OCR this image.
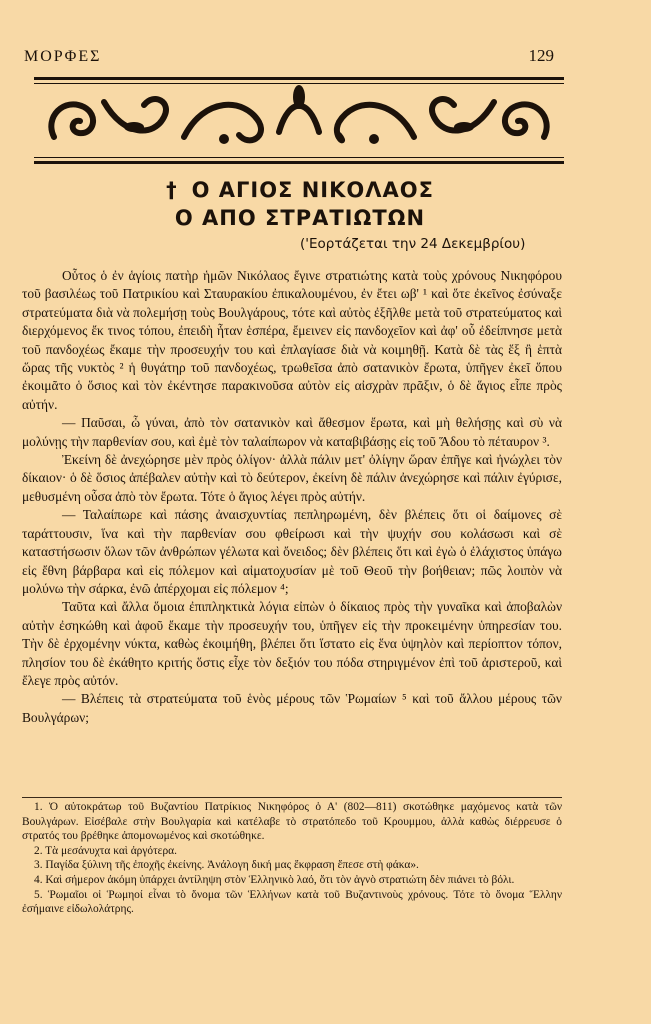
ΜΟΡΦΕΣ	129

† Ο ΑΓΙΟΣ ΝΙΚΟΛΑΟΣ

Ο ΑΠΟ ΣΤΡΑΤΙΩΤΩΝ

('Εορτάζεται την 24 Δεκεμβρίου)

Οὗτος ὁ ἐν ἁγίοις πατὴρ ἡμῶν Νικόλαος ἔγινε στρατιώτης κατὰ τοὺς χρόνους Νικηφόρου τοῦ βασιλέως τοῦ Πατρικίου καὶ Σταυρακίου ἐπικαλουμένου, ἐν ἔτει ωβ' ¹ καὶ ὅτε ἐκεῖνος ἐσύναξε στρατεύματα διὰ νὰ πολεμήσῃ τοὺς Βουλγάρους, τότε καὶ αὐτὸς ἐξῆλθε μετὰ τοῦ στρατεύματος καὶ διερχόμενος ἔκ τινος τόπου, ἐπειδὴ ἦταν ἑσπέρα, ἔμεινεν εἰς πανδοχεῖον καὶ ἀφ' οὗ ἐδείπνησε μετὰ τοῦ πανδοχέως ἔκαμε τὴν προσευχήν του καὶ ἐπλαγίασε διὰ νὰ κοιμηθῇ. Κατὰ δὲ τὰς ἕξ ἢ ἑπτὰ ὥρας τῆς νυκτὸς ² ἡ θυγάτηρ τοῦ πανδοχέως, τρωθεῖσα ἀπὸ σατανικὸν ἔρωτα, ὑπῆγεν ἐκεῖ ὅπου ἐκοιμᾶτο ὁ ὅσιος καὶ τὸν ἐκέντησε παρακινοῦσα αὐτὸν εἰς αἰσχρὰν πρᾶξιν, ὁ δὲ ἅγιος εἶπε πρὸς αὐτήν.

— Παῦσαι, ὦ γύναι, ἀπὸ τὸν σατανικὸν καὶ ἄθεσμον ἔρωτα, καὶ μὴ θελήσῃς καὶ σὺ νὰ μολύνῃς τὴν παρθενίαν σου, καὶ ἐμὲ τὸν ταλαίπωρον νὰ καταβιβάσῃς εἰς τοῦ Ἅδου τὸ πέταυρον ³.

Ἐκείνη δὲ ἀνεχώρησε μὲν πρὸς ὀλίγον· ἀλλὰ πάλιν μετ' ὀλίγην ὥραν ἐπῆγε καὶ ἠνώχλει τὸν δίκαιον· ὁ δὲ ὅσιος ἀπέβαλεν αὐτὴν καὶ τὸ δεύτερον, ἐκείνη δὲ πάλιν ἀνεχώρησε καὶ πάλιν ἐγύρισε, μεθυσμένη οὖσα ἀπὸ τὸν ἔρωτα. Τότε ὁ ἅγιος λέγει πρὸς αὐτήν.

— Ταλαίπωρε καὶ πάσης ἀναισχυντίας πεπληρωμένη, δὲν βλέπεις ὅτι οἱ δαίμονες σὲ ταράττουσιν, ἵνα καὶ τὴν παρθενίαν σου φθείρωσι καὶ τὴν ψυχήν σου κολάσωσι καὶ σὲ καταστήσωσιν ὅλων τῶν ἀνθρώπων γέλωτα καὶ ὄνειδος; δὲν βλέπεις ὅτι καὶ ἐγὼ ὁ ἐλάχιστος ὑπάγω εἰς ἔθνη βάρβαρα καὶ εἰς πόλεμον καὶ αἱματοχυσίαν μὲ τοῦ Θεοῦ τὴν βοήθειαν; πῶς λοιπὸν νὰ μολύνω τὴν σάρκα, ἐνῶ ἀπέρχομαι εἰς πόλεμον ⁴;

Ταῦτα καὶ ἄλλα ὅμοια ἐπιπληκτικὰ λόγια εἰπὼν ὁ δίκαιος πρὸς τὴν γυναῖκα καὶ ἀποβαλὼν αὐτὴν ἐσηκώθη καὶ ἀφοῦ ἔκαμε τὴν προσευχήν του, ὑπῆγεν εἰς τὴν προκειμένην ὑπηρεσίαν του. Τὴν δὲ ἐρχομένην νύκτα, καθὼς ἐκοιμήθη, βλέπει ὅτι ἵστατο εἰς ἕνα ὑψηλὸν καὶ περίοπτον τόπον, πλησίον του δὲ ἐκάθητο κριτής ὅστις εἶχε τὸν δεξιόν του πόδα στηριγμένον ἐπὶ τοῦ ἀριστεροῦ, καὶ ἔλεγε πρὸς αὐτόν.

— Βλέπεις τὰ στρατεύματα τοῦ ἑνὸς μέρους τῶν Ῥωμαίων ⁵ καὶ τοῦ ἄλλου μέρους τῶν Βουλγάρων;

1. Ὁ αὐτοκράτωρ τοῦ Βυζαντίου Πατρίκιος Νικηφόρος ὁ Α' (802—811) σκοτώθηκε μαχόμενος κατὰ τῶν Βουλγάρων. Εἰσέβαλε στὴν Βουλγαρία καὶ κατέλαβε τὸ στρατόπεδο τοῦ Κρουμμου, ἀλλὰ καθὼς διέρρευσε ὁ στρατός του βρέθηκε ἀπομονωμένος καὶ σκοτώθηκε.

2. Τὰ μεσάνυχτα καὶ ἀργότερα.

3. Παγίδα ξύλινη τῆς ἐποχῆς ἐκείνης. Ἀνάλογη δική μας ἔκφραση ἔπεσε στὴ φάκα».

4. Καὶ σήμερον ἀκόμη ὑπάρχει ἀντίληψη στὸν Ἑλληνικὸ λαό, ὅτι τὸν ἁγνὸ στρατιώτη δὲν πιάνει τὸ βόλι.

5. Ῥωμαῖοι οἱ Ῥωμηοί εἶναι τὸ ὄνομα τῶν Ἑλλήνων κατὰ τοῦ Βυζαντινοὺς χρόνους. Τότε τὸ ὄνομα Ἕλλην ἐσήμαινε εἰδωλολάτρης.
